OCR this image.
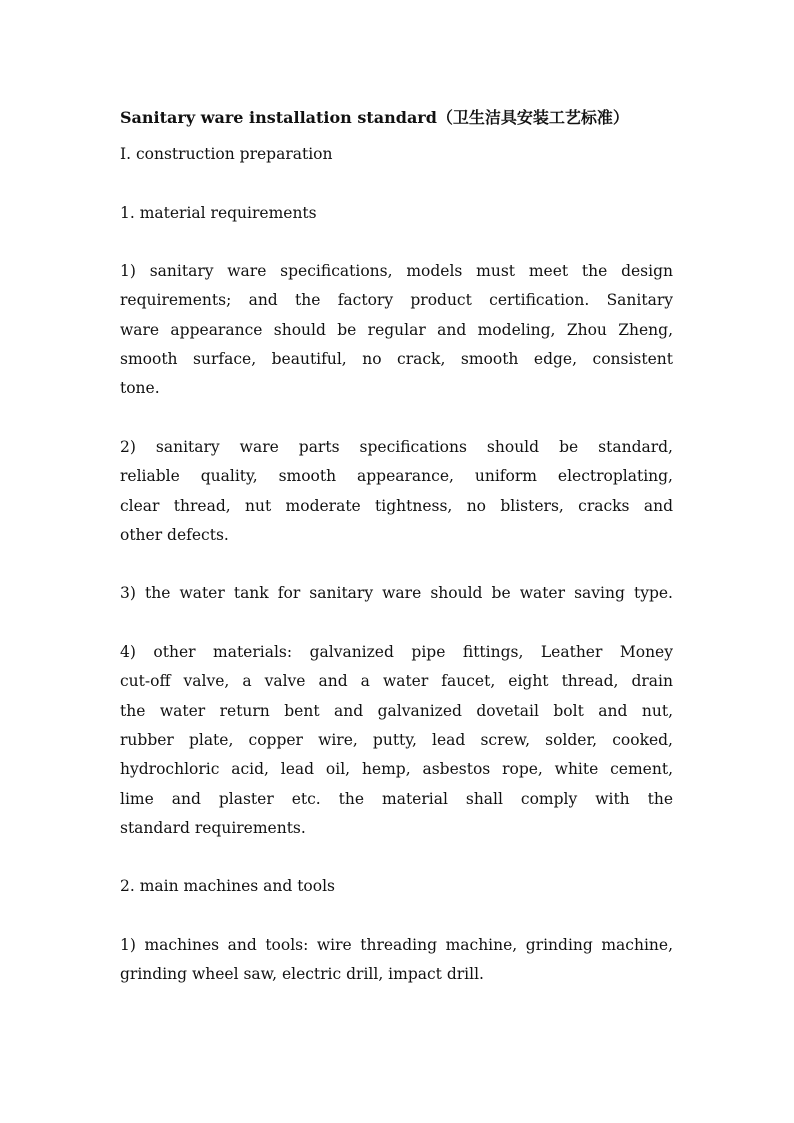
Sanitary ware installation standard（卫生洁具安装工艺标准）
I. construction preparation
1. material requirements
1) sanitary ware specifications, models must meet the design
requirements; and the factory product certification. Sanitary
ware appearance should be regular and modeling, Zhou Zheng,
smooth surface, beautiful, no crack, smooth edge, consistent
tone.
2) sanitary ware parts specifications should be standard,
reliable quality, smooth appearance, uniform electroplating,
clear thread, nut moderate tightness, no blisters, cracks and
other defects.
3) the water tank for sanitary ware should be water saving type.
4) other materials: galvanized pipe fittings, Leather Money
cut-off valve, a valve and a water faucet, eight thread, drain
the water return bent and galvanized dovetail bolt and nut,
rubber plate, copper wire, putty, lead screw, solder, cooked,
hydrochloric acid, lead oil, hemp, asbestos rope, white cement,
lime and plaster etc. the material shall comply with the
standard requirements.
2. main machines and tools
1) machines and tools: wire threading machine, grinding machine,
grinding wheel saw, electric drill, impact drill.
